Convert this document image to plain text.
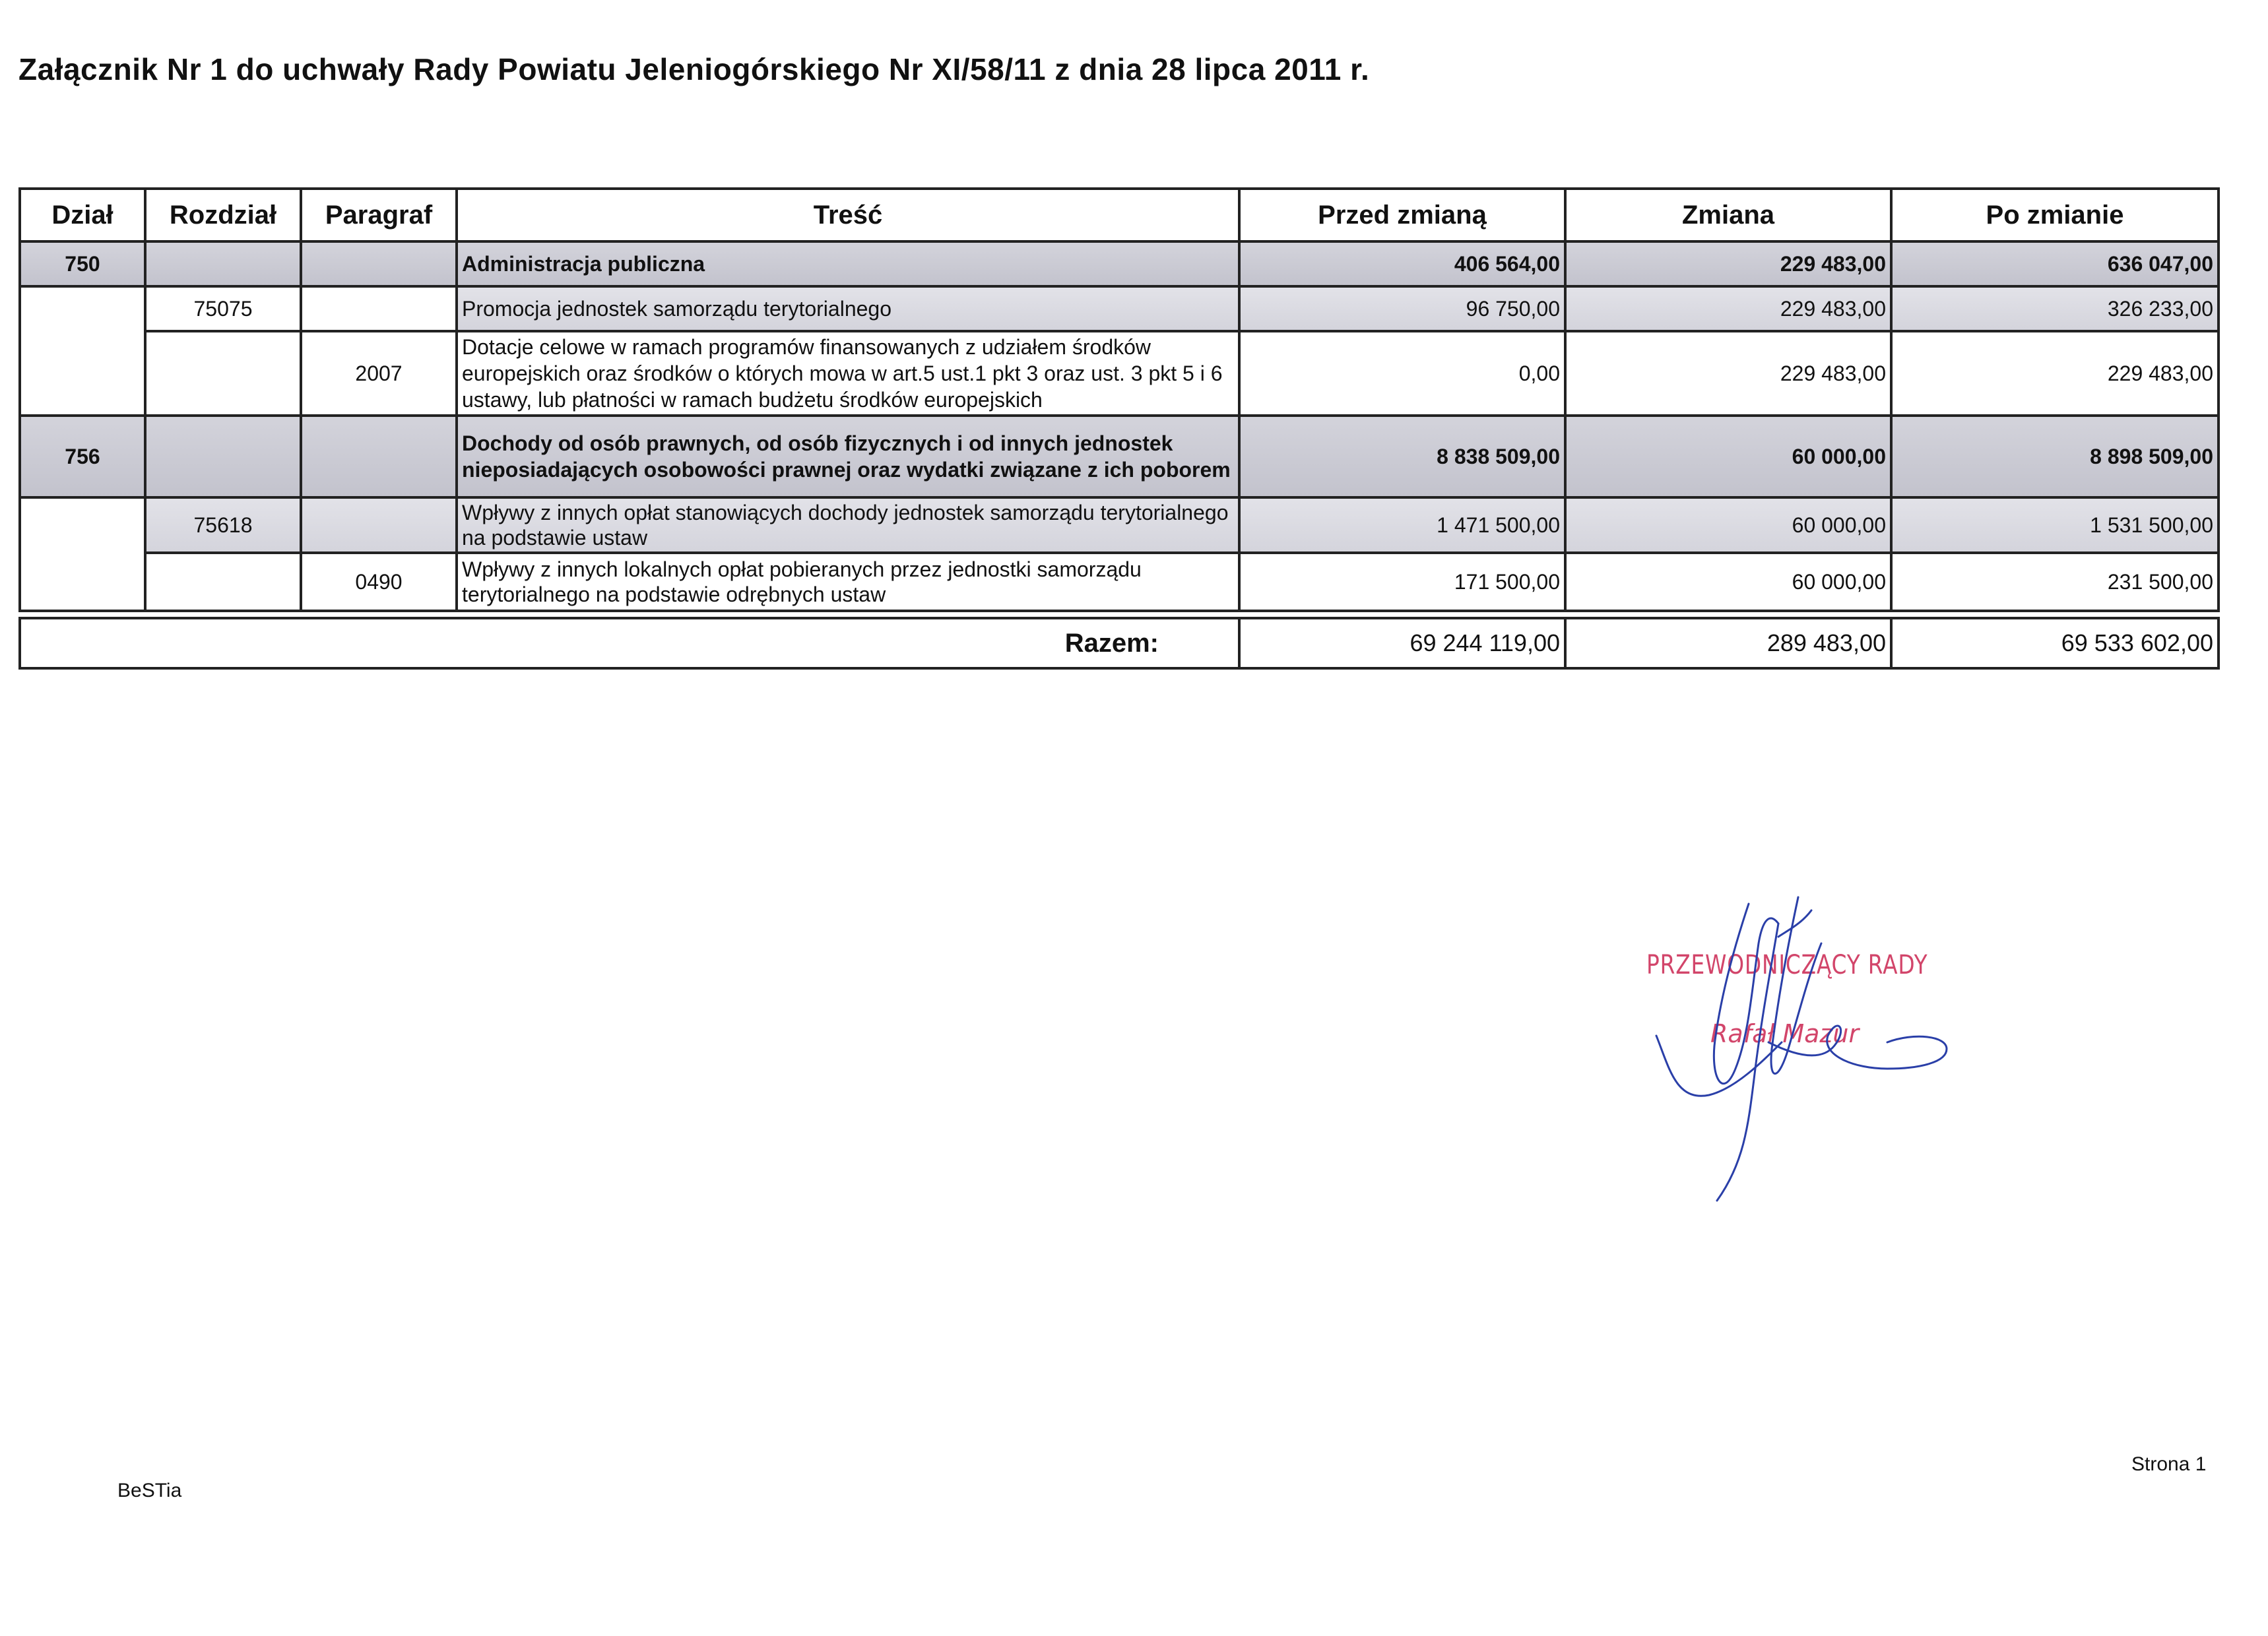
Załącznik Nr 1 do uchwały Rady Powiatu Jeleniogórskiego Nr XI/58/11 z dnia 28 lipca 2011 r.
Dział	Rozdział	Paragraf	Treść	Przed zmianą	Zmiana	Po zmianie
750			Administracja publiczna	406 564,00	229 483,00	636 047,00
	75075		Promocja jednostek samorządu terytorialnego	96 750,00	229 483,00	326 233,00
		2007	Dotacje celowe w ramach programów finansowanych z udziałem środków europejskich oraz środków o których mowa w art.5 ust.1 pkt 3 oraz ust. 3 pkt 5 i 6 ustawy, lub płatności w ramach budżetu środków europejskich	0,00	229 483,00	229 483,00
756			Dochody od osób prawnych, od osób fizycznych i od innych jednostek nieposiadających osobowości prawnej oraz wydatki związane z ich poborem	8 838 509,00	60 000,00	8 898 509,00
	75618		Wpływy z innych opłat stanowiących dochody jednostek samorządu terytorialnego na podstawie ustaw	1 471 500,00	60 000,00	1 531 500,00
		0490	Wpływy z innych lokalnych opłat pobieranych przez jednostki samorządu terytorialnego na podstawie odrębnych ustaw	171 500,00	60 000,00	231 500,00
Razem:	69 244 119,00	289 483,00	69 533 602,00
PRZEWODNICZĄCY RADY
Rafał Mazur
BeSTia
Strona 1
